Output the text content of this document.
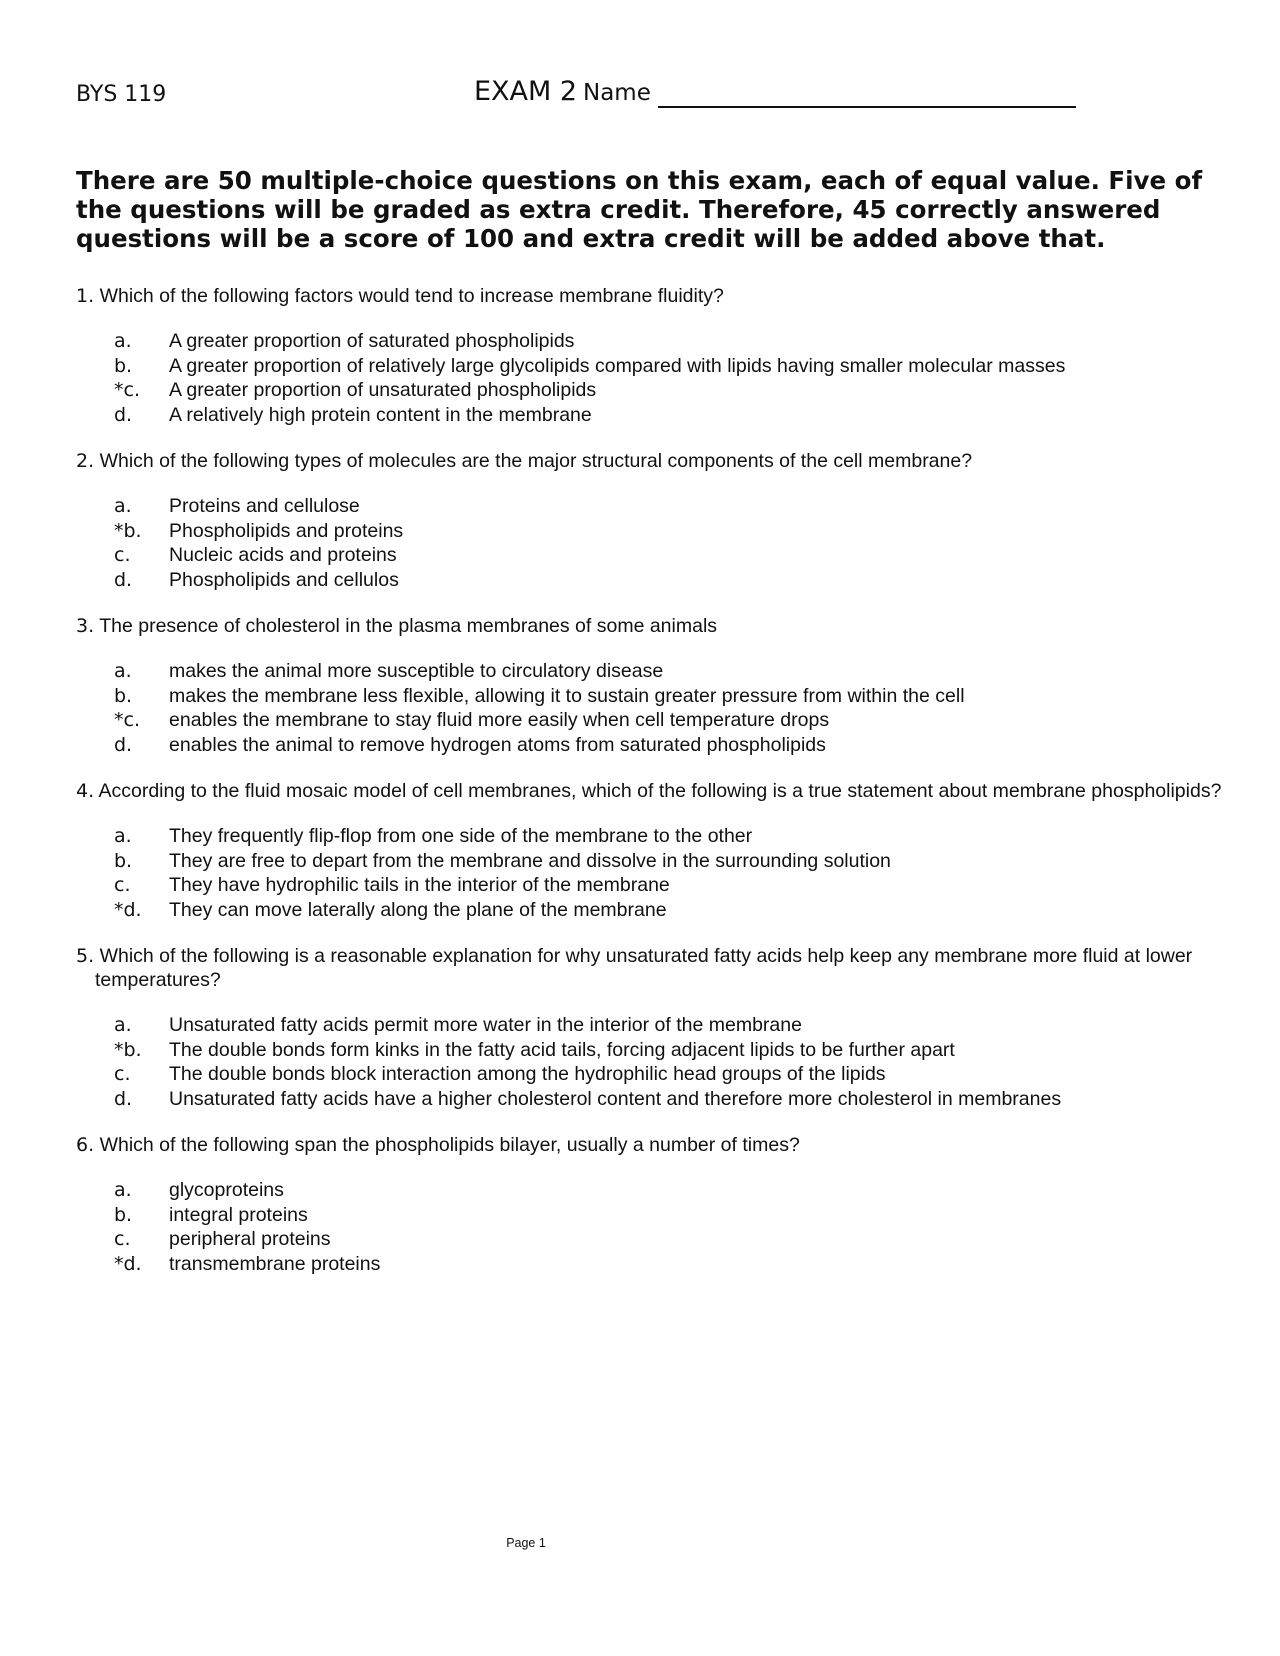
BYS 119	EXAM 2 Name

There are 50 multiple-choice questions on this exam, each of equal value. Five of the questions will be graded as extra credit. Therefore, 45 correctly answered questions will be a score of 100 and extra credit will be added above that.

1. Which of the following factors would tend to increase membrane fluidity?

a.	A greater proportion of saturated phospholipids
b.	A greater proportion of relatively large glycolipids compared with lipids having smaller molecular masses
*c.	A greater proportion of unsaturated phospholipids
d.	A relatively high protein content in the membrane

2. Which of the following types of molecules are the major structural components of the cell membrane?

a.	Proteins and cellulose
*b.	Phospholipids and proteins
c.	Nucleic acids and proteins
d.	Phospholipids and cellulos

3. The presence of cholesterol in the plasma membranes of some animals

a.	makes the animal more susceptible to circulatory disease
b.	makes the membrane less flexible, allowing it to sustain greater pressure from within the cell
*c.	enables the membrane to stay fluid more easily when cell temperature drops
d.	enables the animal to remove hydrogen atoms from saturated phospholipids

4. According to the fluid mosaic model of cell membranes, which of the following is a true statement about membrane phospholipids?

a.	They frequently flip-flop from one side of the membrane to the other
b.	They are free to depart from the membrane and dissolve in the surrounding solution
c.	They have hydrophilic tails in the interior of the membrane
*d.	They can move laterally along the plane of the membrane

5. Which of the following is a reasonable explanation for why unsaturated fatty acids help keep any membrane more fluid at lower temperatures?

a.	Unsaturated fatty acids permit more water in the interior of the membrane
*b.	The double bonds form kinks in the fatty acid tails, forcing adjacent lipids to be further apart
c.	The double bonds block interaction among the hydrophilic head groups of the lipids
d.	Unsaturated fatty acids have a higher cholesterol content and therefore more cholesterol in membranes

6. Which of the following span the phospholipids bilayer, usually a number of times?

a.	glycoproteins
b.	integral proteins
c.	peripheral proteins
*d.	transmembrane proteins
Page 1
